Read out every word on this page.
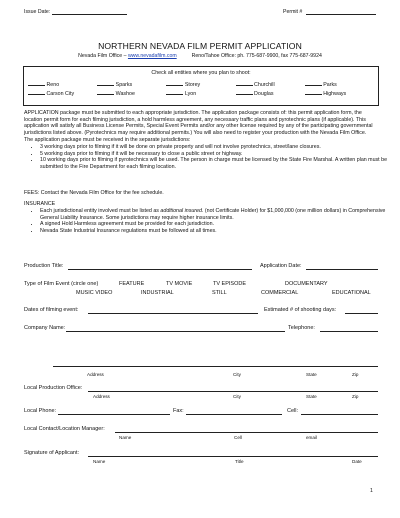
Issue Date:	Permit #
NORTHERN NEVADA FILM PERMIT APPLICATION
Nevada Film Office – www.nevadafilm.com	Reno/Tahoe Office: ph. 775-687-9900, fax 775-687-9924
Check all entities where you plan to shoot:
Reno	Sparks	Storey	Churchill	Parks
Carson City	Washoe	Lyon	Douglas	Highways
APPLICATION package must be submitted to each appropriate jurisdiction. The application package consists of: this permit application form, the location permit form for each filming jurisdiction, a hold harmless agreement, any necessary traffic plans and pyrotechnic plans (if applicable). This application will satisfy all Business License Permits, Special Event Permits and/or any other license required by any of the participating governmental jurisdictions listed above. (Pyrotechnics may require additional permits.) You will also need to register your production with the Nevada Film Office.
The application package must be received in the separate jurisdictions:
• 3 working days prior to filming if it will be done on private property and will not involve pyrotechnics, street/lane closures.
• 5 working days prior to filming if it will be necessary to close a public street or highway.
• 10 working days prior to filming if pyrotechnics will be used. The person in charge must be licensed by the State Fire Marshal. A written plan must be submitted to the Fire Department for each filming location.
FEES: Contact the Nevada Film Office for the fee schedule.
INSURANCE
• Each jurisdictional entity involved must be listed as additional insured. (not Certificate Holder) for $1,000,000 (one million dollars) in Comprehensive General Liability Insurance. Some jurisdictions may require higher insurance limits.
• A signed Hold Harmless agreement must be provided for each jurisdiction.
• Nevada State Industrial Insurance regulations must be followed at all times.
Production Title:	Application Date:
Type of Film Event (circle one)	FEATURE	TV MOVIE	TV EPISODE	DOCUMENTARY
MUSIC VIDEO	INDUSTRIAL	STILL	COMMERCIAL	EDUCATIONAL
Dates of filming event:	Estimated # of shooting days:
Company Name:	Telephone:
Address	City	State	Zip
Local Production Office:
Address	City	State	Zip
Local Phone:	Fax:	Cell:
Local Contact/Location Manager:
Name	Cell	email
Signature of Applicant:
Name	Title	Date
1
